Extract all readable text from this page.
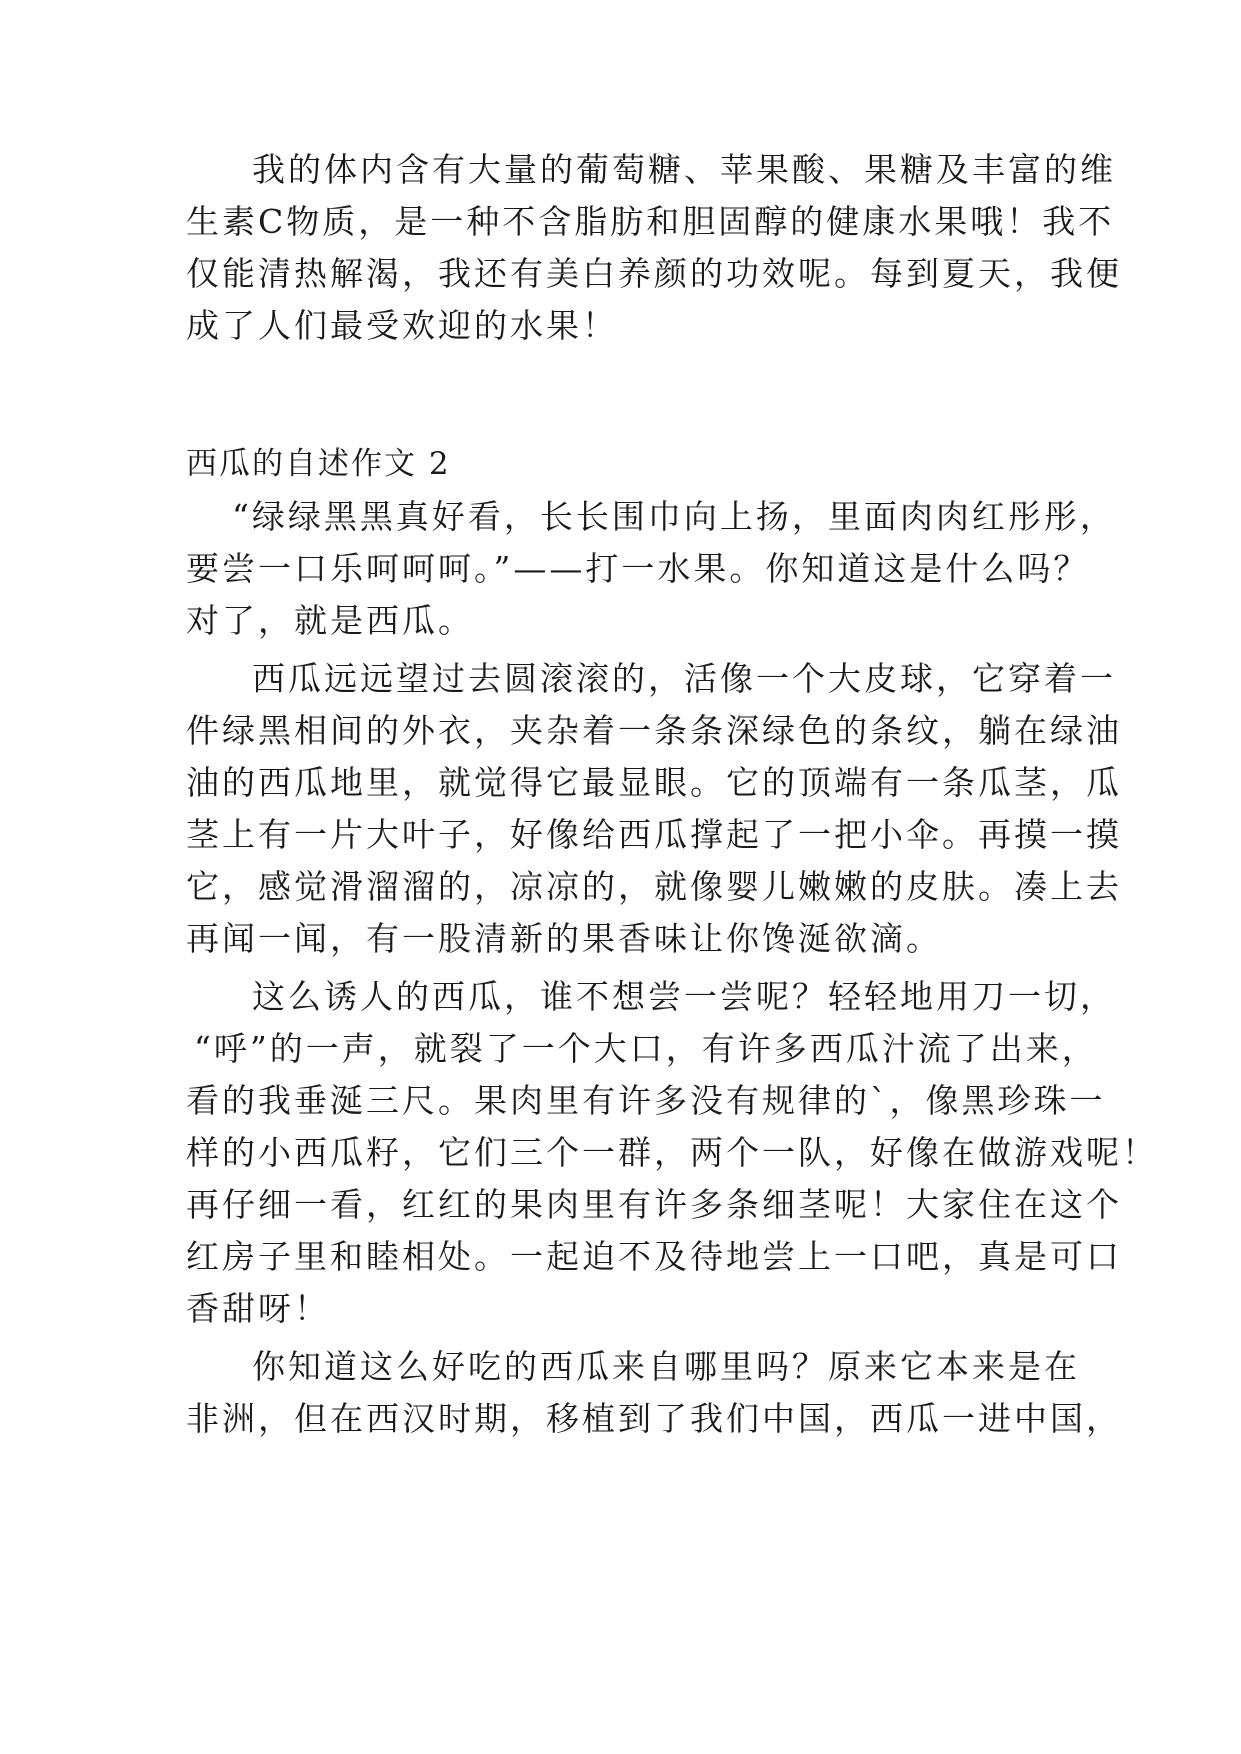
我的体内含有大量的葡萄糖、苹果酸、果糖及丰富的维
生素C物质，是一种不含脂肪和胆固醇的健康水果哦！我不
仅能清热解渴，我还有美白养颜的功效呢。每到夏天，我便
成了人们最受欢迎的水果！
西瓜的自述作文 2
“绿绿黑黑真好看，长长围巾向上扬，里面肉肉红彤彤，
要尝一口乐呵呵呵。”——打一水果。你知道这是什么吗？
对了，就是西瓜。
西瓜远远望过去圆滚滚的，活像一个大皮球，它穿着一
件绿黑相间的外衣，夹杂着一条条深绿色的条纹，躺在绿油
油的西瓜地里，就觉得它最显眼。它的顶端有一条瓜茎，瓜
茎上有一片大叶子，好像给西瓜撑起了一把小伞。再摸一摸
它，感觉滑溜溜的，凉凉的，就像婴儿嫩嫩的皮肤。凑上去
再闻一闻，有一股清新的果香味让你馋涎欲滴。
这么诱人的西瓜，谁不想尝一尝呢？轻轻地用刀一切，
“呼”的一声，就裂了一个大口，有许多西瓜汁流了出来，
看的我垂涎三尺。果肉里有许多没有规律的`，像黑珍珠一
样的小西瓜籽，它们三个一群，两个一队，好像在做游戏呢！
再仔细一看，红红的果肉里有许多条细茎呢！大家住在这个
红房子里和睦相处。一起迫不及待地尝上一口吧，真是可口
香甜呀！
你知道这么好吃的西瓜来自哪里吗？原来它本来是在
非洲，但在西汉时期，移植到了我们中国，西瓜一进中国，
